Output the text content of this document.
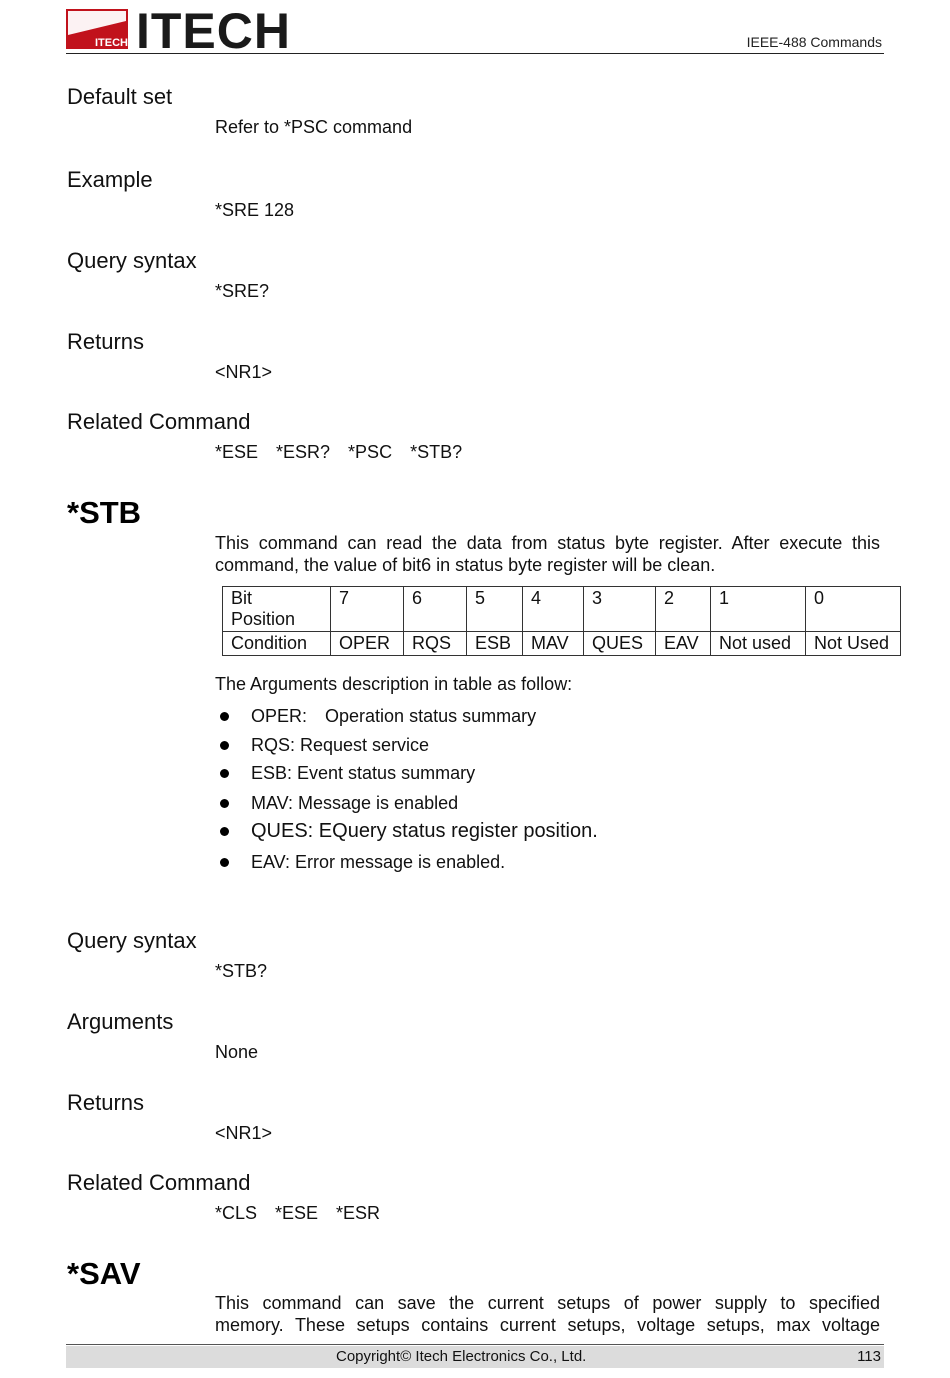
ITECH ITECH	IEEE-488 Commands
Default set
Refer to *PSC command
Example
*SRE 128
Query syntax
*SRE?
Returns
<NR1>
Related Command
*ESE *ESR? *PSC *STB?
*STB
This command can read the data from status byte register. After execute this
command, the value of bit6 in status byte register will be clean.
Bit
Position	7	6	5	4	3	2	1	0
Condition	OPER	RQS	ESB	MAV	QUES	EAV	Not used	Not Used
The Arguments description in table as follow:
OPER: Operation status summary
RQS: Request service
ESB: Event status summary
MAV: Message is enabled
QUES: EQuery status register position.
EAV: Error message is enabled.
Query syntax
*STB?
Arguments
None
Returns
<NR1>
Related Command
*CLS *ESE *ESR
*SAV
This command can save the current setups of power supply to specified
memory. These setups contains current setups, voltage setups, max voltage
Copyright© Itech Electronics Co., Ltd.	113
